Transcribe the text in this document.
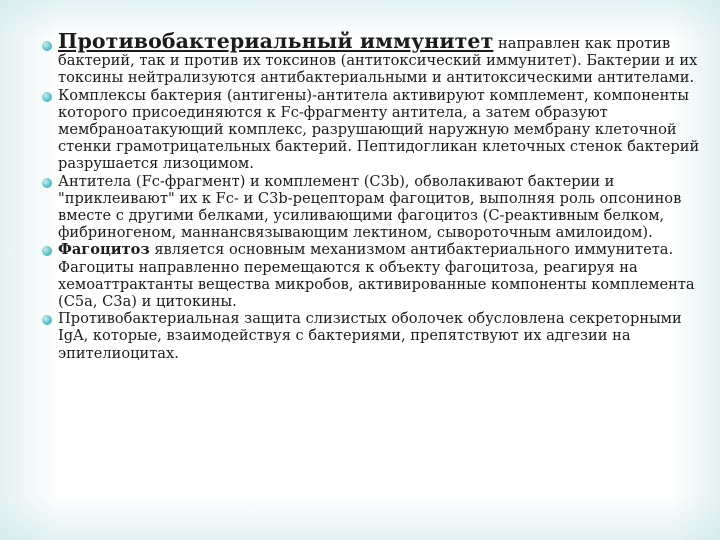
Противобактериальный иммунитет направлен как против бактерий, так и против их токсинов (антитоксический иммунитет). Бактерии и их токсины нейтрализуются антибактериальными и антитоксическими антителами.
Комплексы бактерия (антигены)-антитела активируют комплемент, компоненты которого присоединяются к Fc-фрагменту антитела, а затем образуют мембраноатакующий комплекс, разрушающий наружную мембрану клеточной стенки грамотрицательных бактерий. Пептидогликан клеточных стенок бактерий разрушается лизоцимом.
Антитела (Fc-фрагмент) и комплемент (C3b), обволакивают бактерии и "приклеивают" их к Fc- и C3b-рецепторам фагоцитов, выполняя роль опсонинов вместе с другими белками, усиливающими фагоцитоз (С-реактивным белком, фибриногеном, маннансвязывающим лектином, сывороточным амилоидом).
Фагоцитоз является основным механизмом антибактериального иммунитета. Фагоциты направленно перемещаются к объекту фагоцитоза, реагируя на хемоаттрактанты вещества микробов, активированные компоненты комплемента (С5а, С3а) и цитокины.
Противобактериальная защита слизистых оболочек обусловлена секреторными IgA, которые, взаимодействуя с бактериями, препятствуют их адгезии на эпителиоцитах.
